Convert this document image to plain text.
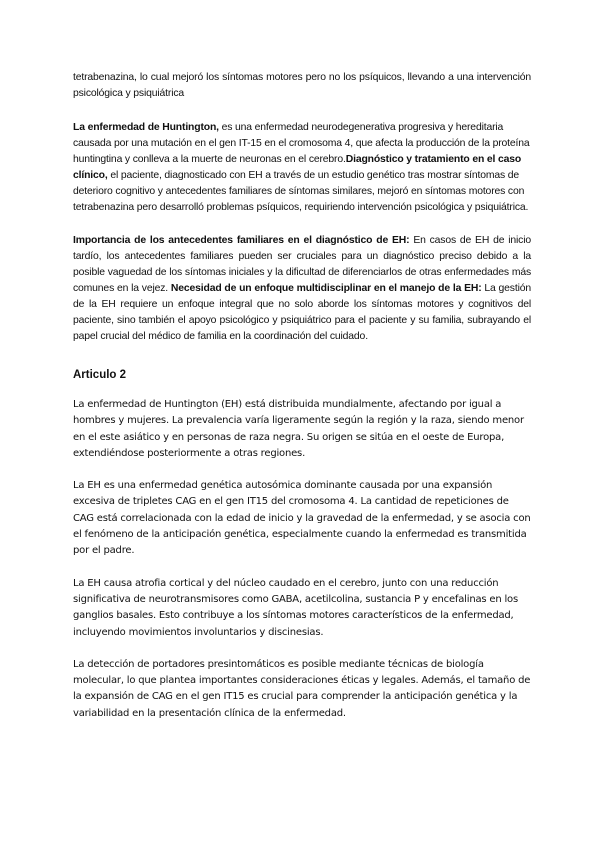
tetrabenazina, lo cual mejoró los síntomas motores pero no los psíquicos, llevando a una intervención psicológica y psiquiátrica

La enfermedad de Huntington, es una enfermedad neurodegenerativa progresiva y hereditaria causada por una mutación en el gen IT-15 en el cromosoma 4, que afecta la producción de la proteína huntingtina y conlleva a la muerte de neuronas en el cerebro.Diagnóstico y tratamiento en el caso clínico, el paciente, diagnosticado con EH a través de un estudio genético tras mostrar síntomas de deterioro cognitivo y antecedentes familiares de síntomas similares, mejoró en síntomas motores con tetrabenazina pero desarrolló problemas psíquicos, requiriendo intervención psicológica y psiquiátrica.

Importancia de los antecedentes familiares en el diagnóstico de EH: En casos de EH de inicio tardío, los antecedentes familiares pueden ser cruciales para un diagnóstico preciso debido a la posible vaguedad de los síntomas iniciales y la dificultad de diferenciarlos de otras enfermedades más comunes en la vejez. Necesidad de un enfoque multidisciplinar en el manejo de la EH: La gestión de la EH requiere un enfoque integral que no solo aborde los síntomas motores y cognitivos del paciente, sino también el apoyo psicológico y psiquiátrico para el paciente y su familia, subrayando el papel crucial del médico de familia en la coordinación del cuidado.

Articulo 2

La enfermedad de Huntington (EH) está distribuida mundialmente, afectando por igual a hombres y mujeres. La prevalencia varía ligeramente según la región y la raza, siendo menor en el este asiático y en personas de raza negra. Su origen se sitúa en el oeste de Europa, extendiéndose posteriormente a otras regiones.

La EH es una enfermedad genética autosómica dominante causada por una expansión excesiva de tripletes CAG en el gen IT15 del cromosoma 4. La cantidad de repeticiones de CAG está correlacionada con la edad de inicio y la gravedad de la enfermedad, y se asocia con el fenómeno de la anticipación genética, especialmente cuando la enfermedad es transmitida por el padre.

La EH causa atrofia cortical y del núcleo caudado en el cerebro, junto con una reducción significativa de neurotransmisores como GABA, acetilcolina, sustancia P y encefalinas en los ganglios basales. Esto contribuye a los síntomas motores característicos de la enfermedad, incluyendo movimientos involuntarios y discinesias.

La detección de portadores presintomáticos es posible mediante técnicas de biología molecular, lo que plantea importantes consideraciones éticas y legales. Además, el tamaño de la expansión de CAG en el gen IT15 es crucial para comprender la anticipación genética y la variabilidad en la presentación clínica de la enfermedad.
